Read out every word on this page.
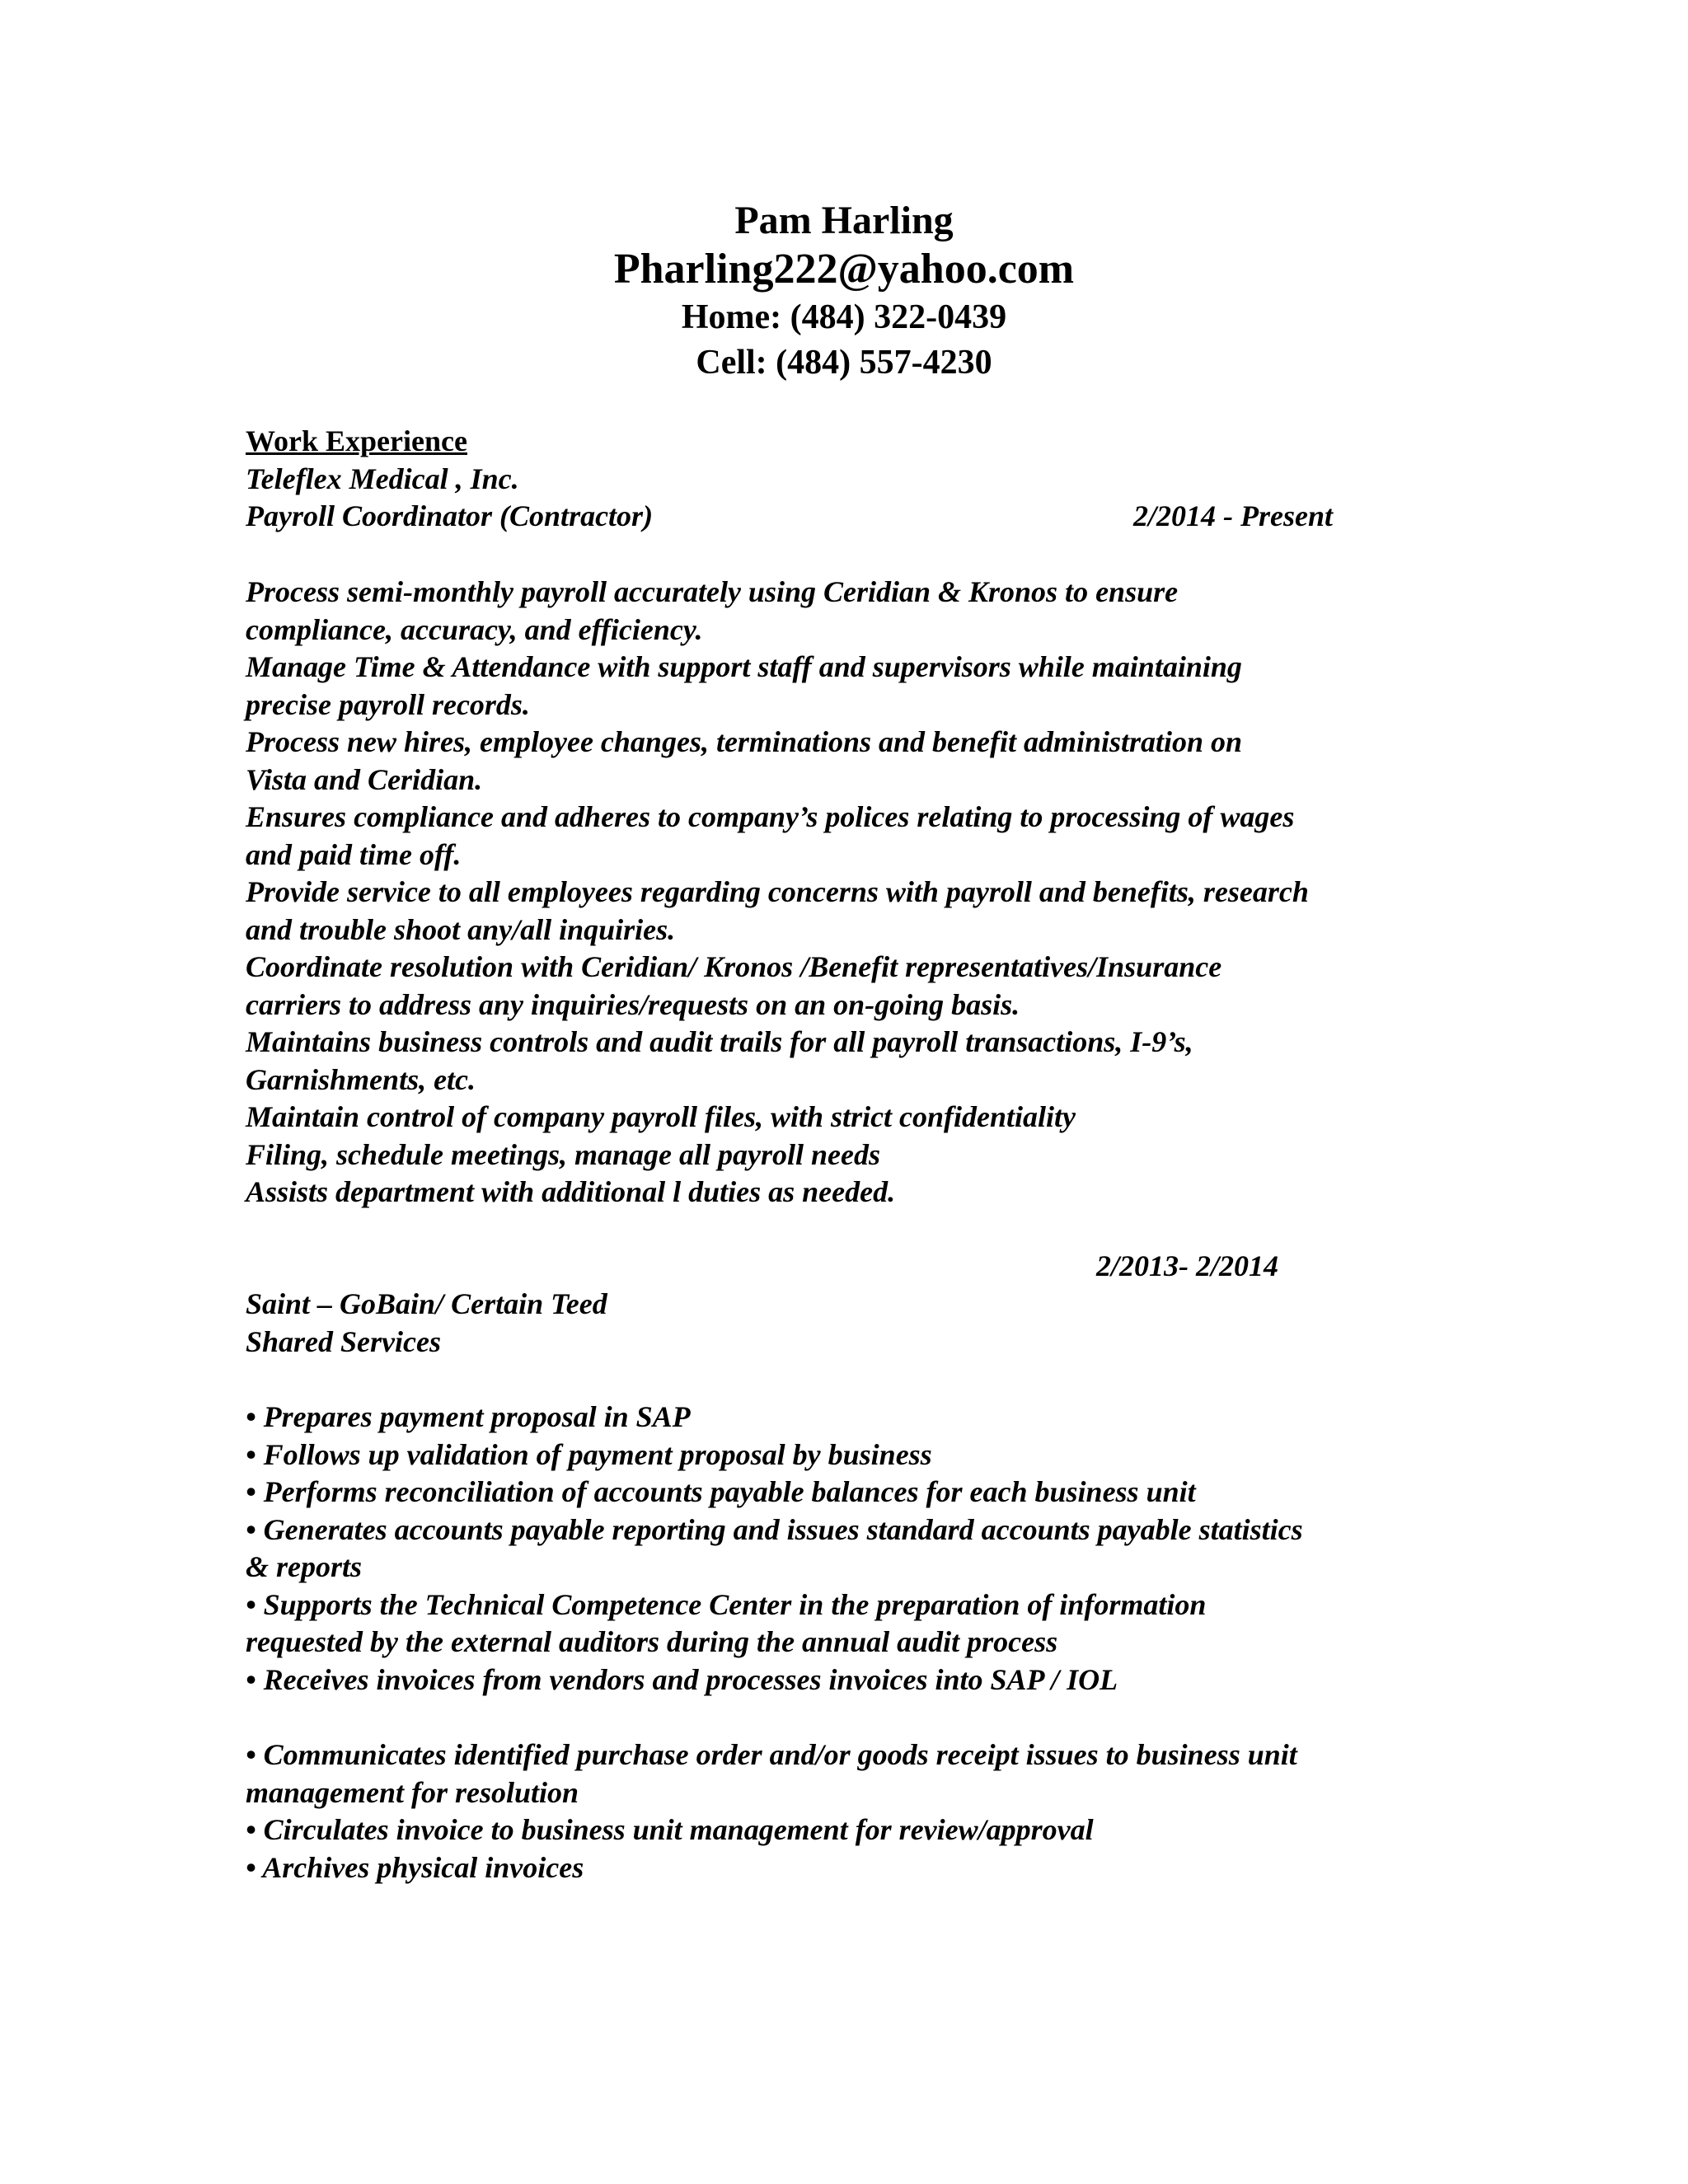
Pam Harling
Pharling222@yahoo.com
Home: (484) 322-0439
Cell: (484) 557-4230
Work Experience
Teleflex Medical , Inc.
Payroll Coordinator (Contractor)	2/2014 - Present
Process semi-monthly payroll accurately using Ceridian & Kronos to ensure
compliance, accuracy, and efficiency.
Manage Time & Attendance with support staff and supervisors while maintaining
precise payroll records.
Process new hires, employee changes, terminations and benefit administration on
Vista and Ceridian.
Ensures compliance and adheres to company’s polices relating to processing of wages
and paid time off.
Provide service to all employees regarding concerns with payroll and benefits, research
and trouble shoot any/all inquiries.
Coordinate resolution with Ceridian/ Kronos /Benefit representatives/Insurance
carriers to address any inquiries/requests on an on-going basis.
Maintains business controls and audit trails for all payroll transactions, I-9’s,
Garnishments, etc.
Maintain control of company payroll files, with strict confidentiality
Filing, schedule meetings, manage all payroll needs
Assists department with additional l duties as needed.
2/2013- 2/2014
Saint – GoBain/ Certain Teed
Shared Services
• Prepares payment proposal in SAP
• Follows up validation of payment proposal by business
• Performs reconciliation of accounts payable balances for each business unit
• Generates accounts payable reporting and issues standard accounts payable statistics
& reports
• Supports the Technical Competence Center in the preparation of information
requested by the external auditors during the annual audit process
• Receives invoices from vendors and processes invoices into SAP / IOL
• Communicates identified purchase order and/or goods receipt issues to business unit
management for resolution
• Circulates invoice to business unit management for review/approval
• Archives physical invoices
